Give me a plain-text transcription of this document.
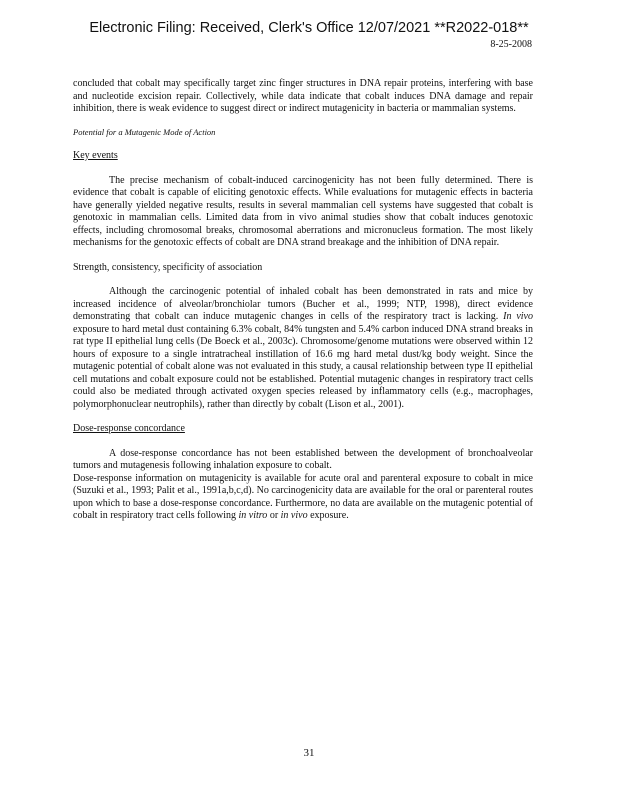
Electronic Filing: Received, Clerk's Office 12/07/2021 **R2022-018**
8-25-2008

concluded that cobalt may specifically target zinc finger structures in DNA repair proteins, interfering with base and nucleotide excision repair. Collectively, while data indicate that cobalt induces DNA damage and repair inhibition, there is weak evidence to suggest direct or indirect mutagenicity in bacteria or mammalian systems.

Potential for a Mutagenic Mode of Action

Key events

The precise mechanism of cobalt-induced carcinogenicity has not been fully determined. There is evidence that cobalt is capable of eliciting genotoxic effects. While evaluations for mutagenic effects in bacteria have generally yielded negative results, results in several mammalian cell systems have suggested that cobalt is genotoxic in mammalian cells. Limited data from in vivo animal studies show that cobalt induces genotoxic effects, including chromosomal breaks, chromosomal aberrations and micronucleus formation. The most likely mechanisms for the genotoxic effects of cobalt are DNA strand breakage and the inhibition of DNA repair.

Strength, consistency, specificity of association

Although the carcinogenic potential of inhaled cobalt has been demonstrated in rats and mice by increased incidence of alveolar/bronchiolar tumors (Bucher et al., 1999; NTP, 1998), direct evidence demonstrating that cobalt can induce mutagenic changes in cells of the respiratory tract is lacking. In vivo exposure to hard metal dust containing 6.3% cobalt, 84% tungsten and 5.4% carbon induced DNA strand breaks in rat type II epithelial lung cells (De Boeck et al., 2003c). Chromosome/genome mutations were observed within 12 hours of exposure to a single intratracheal instillation of 16.6 mg hard metal dust/kg body weight. Since the mutagenic potential of cobalt alone was not evaluated in this study, a causal relationship between type II epithelial cell mutations and cobalt exposure could not be established. Potential mutagenic changes in respiratory tract cells could also be mediated through activated oxygen species released by inflammatory cells (e.g., macrophages, polymorphonuclear neutrophils), rather than directly by cobalt (Lison et al., 2001).

Dose-response concordance

A dose-response concordance has not been established between the development of bronchoalveolar tumors and mutagenesis following inhalation exposure to cobalt.

Dose-response information on mutagenicity is available for acute oral and parenteral exposure to cobalt in mice (Suzuki et al., 1993; Palit et al., 1991a,b,c,d). No carcinogenicity data are available for the oral or parenteral routes upon which to base a dose-response concordance. Furthermore, no data are available on the mutagenic potential of cobalt in respiratory tract cells following in vitro or in vivo exposure.

31
